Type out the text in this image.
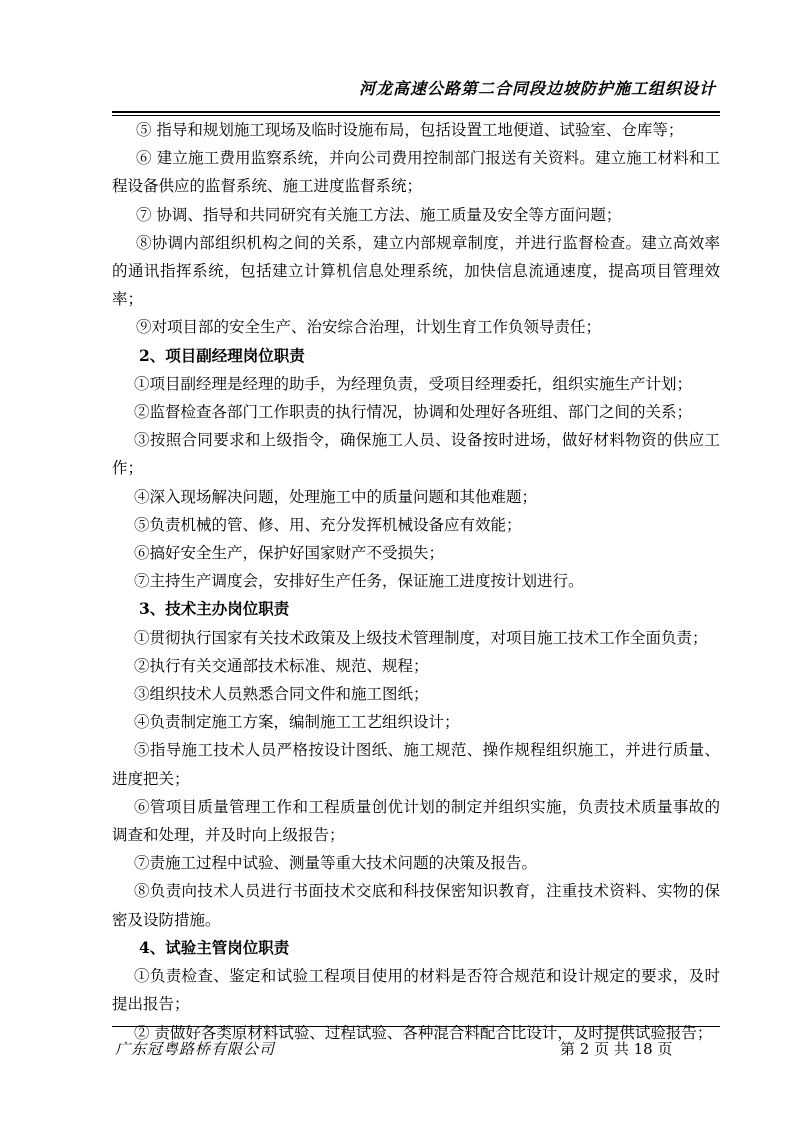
河龙高速公路第二合同段边坡防护施工组织设计

⑤ 指导和规划施工现场及临时设施布局，包括设置工地便道、试验室、仓库等；

⑥ 建立施工费用监察系统，并向公司费用控制部门报送有关资料。建立施工材料和工程设备供应的监督系统、施工进度监督系统；

⑦ 协调、指导和共同研究有关施工方法、施工质量及安全等方面问题；

⑧协调内部组织机构之间的关系，建立内部规章制度，并进行监督检查。建立高效率的通讯指挥系统，包括建立计算机信息处理系统，加快信息流通速度，提高项目管理效率；

⑨对项目部的安全生产、治安综合治理，计划生育工作负领导责任；

2、项目副经理岗位职责

①项目副经理是经理的助手，为经理负责，受项目经理委托，组织实施生产计划；

②监督检查各部门工作职责的执行情况，协调和处理好各班组、部门之间的关系；

③按照合同要求和上级指令，确保施工人员、设备按时进场，做好材料物资的供应工作；

④深入现场解决问题，处理施工中的质量问题和其他难题；

⑤负责机械的管、修、用、充分发挥机械设备应有效能；

⑥搞好安全生产，保护好国家财产不受损失；

⑦主持生产调度会，安排好生产任务，保证施工进度按计划进行。

3、技术主办岗位职责

①贯彻执行国家有关技术政策及上级技术管理制度，对项目施工技术工作全面负责；

②执行有关交通部技术标准、规范、规程；

③组织技术人员熟悉合同文件和施工图纸；

④负责制定施工方案，编制施工工艺组织设计；

⑤指导施工技术人员严格按设计图纸、施工规范、操作规程组织施工，并进行质量、进度把关；

⑥管项目质量管理工作和工程质量创优计划的制定并组织实施，负责技术质量事故的调查和处理，并及时向上级报告；

⑦责施工过程中试验、测量等重大技术问题的决策及报告。

⑧负责向技术人员进行书面技术交底和科技保密知识教育，注重技术资料、实物的保密及设防措施。

4、试验主管岗位职责

①负责检查、鉴定和试验工程项目使用的材料是否符合规范和设计规定的要求，及时提出报告；

② 责做好各类原材料试验、过程试验、各种混合料配合比设计，及时提供试验报告；

广东冠粤路桥有限公司	第 2 页 共 18 页
